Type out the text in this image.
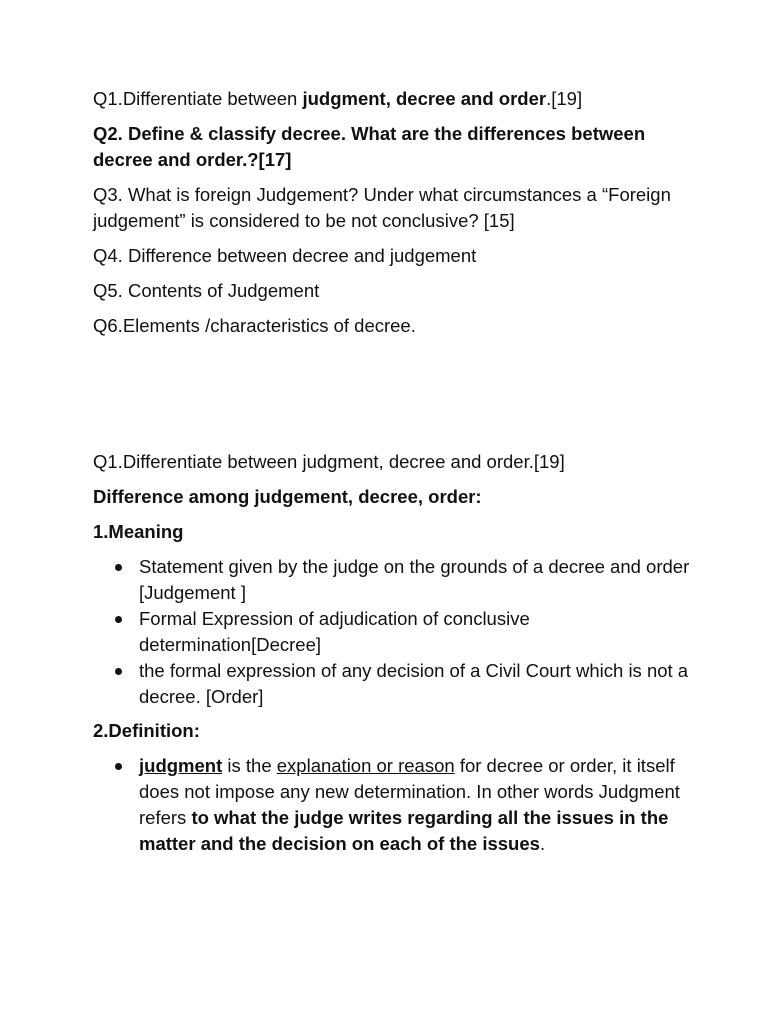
Q1.Differentiate between judgment, decree and order.[19]

Q2. Define & classify decree. What are the differences between decree and order.?[17]

Q3. What is foreign Judgement? Under what circumstances a “Foreign judgement” is considered to be not conclusive? [15]

Q4. Difference between decree and judgement

Q5. Contents of Judgement

Q6.Elements /characteristics of decree.

Q1.Differentiate between judgment, decree and order.[19]

Difference among judgement, decree, order:

1.Meaning

Statement given by the judge on the grounds of a decree and order [Judgement ]
Formal Expression of adjudication of conclusive determination[Decree]
the formal expression of any decision of a Civil Court which is not a decree. [Order]

2.Definition:

judgment is the explanation or reason for decree or order, it itself does not impose any new determination. In other words Judgment refers to what the judge writes regarding all the issues in the matter and the decision on each of the issues.
